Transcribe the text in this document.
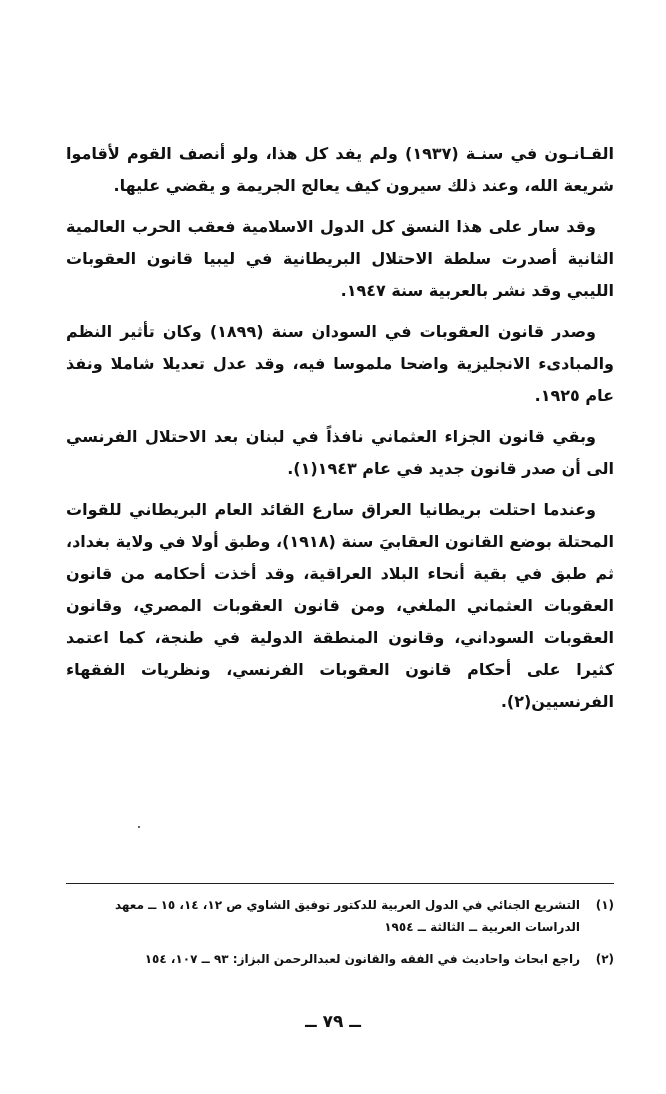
القـانـون في سنـة (١٩٣٧) ولم يفد كل هذا، ولو أنصف القوم لأقاموا شريعة الله، وعند ذلك سيرون كيف يعالج الجريمة و يقضي عليها.

وقد سار على هذا النسق كل الدول الاسلامية فعقب الحرب العالمية الثانية أصدرت سلطة الاحتلال البريطانية في ليبيا قانون العقوبات الليبي وقد نشر بالعربية سنة ١٩٤٧.

وصدر قانون العقوبات في السودان سنة (١٨٩٩) وكان تأثير النظم والمبادىء الانجليزية واضحا ملموسا فيه، وقد عدل تعديلا شاملا ونفذ عام ١٩٢٥.

وبقي قانون الجزاء العثماني نافذاً في لبنان بعد الاحتلال الفرنسي الى أن صدر قانون جديد في عام ١٩٤٣(١).

وعندما احتلت بريطانيا العراق سارع القائد العام البريطاني للقوات المحتلة بوضع القانون العقابيَ سنة (١٩١٨)، وطبق أولا في ولاية بغداد، ثم طبق في بقية أنحاء البلاد العراقية، وقد أخذت أحكامه من قانون العقوبات العثماني الملغي، ومن قانون العقوبات المصري، وقانون العقوبات السوداني، وقانون المنطقة الدولية في طنجة، كما اعتمد كثيرا على أحكام قانون العقوبات الفرنسي، ونظريات الفقهاء الفرنسيين(٢).

(١)
التشريع الجنائي في الدول العربية للدكتور توفيق الشاوي ص ١٢، ١٤، ١٥ ــ معهد الدراسات العربية ــ الثالثة ــ ١٩٥٤
(٢)
راجع ابحاث واحاديث في الفقه والقانون لعبدالرحمن البزاز: ٩٣ ــ ١٠٧، ١٥٤
ــ ٧٩ ــ
